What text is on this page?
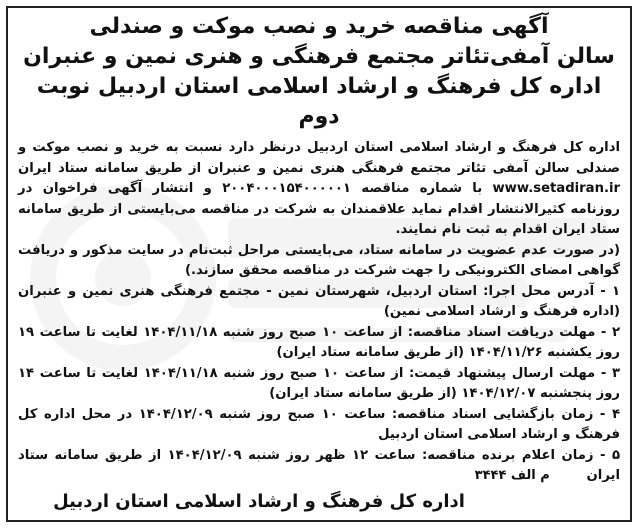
آگهی مناقصه خرید و نصب موکت و صندلی

سالن آمفی‌تئاتر مجتمع فرهنگی و هنری نمین و عنبران

اداره کل فرهنگ و ارشاد اسلامی استان اردبیل نوبت دوم

اداره کل فرهنگ و ارشاد اسلامی استان اردبیل درنظر دارد نسبت به خرید و نصب موکت و صندلی سالن آمفی تئاتر مجتمع فرهنگی هنری نمین و عنبران از طریق سامانه ستاد ایران www.setadiran.ir با شماره مناقصه ۲۰۰۴۰۰۰۱۵۴۰۰۰۰۰۱ و انتشار آگهی فراخوان در روزنامه کثیرالانتشار اقدام نماید علاقمندان به شرکت در مناقصه می‌بایستی از طریق سامانه ستاد ایران اقدام به ثبت نام نمایند.

(در صورت عدم عضویت در سامانه ستاد، می‌بایستی مراحل ثبت‌نام در سایت مذکور و دریافت گواهی امضای الکترونیکی را جهت شرکت در مناقصه محقق سازند.)

۱ - آدرس محل اجرا: استان اردبیل، شهرستان نمین - مجتمع فرهنگی هنری نمین و عنبران (اداره فرهنگ و ارشاد اسلامی نمین)

۲ - مهلت دریافت اسناد مناقصه: از ساعت ۱۰ صبح روز شنبه ۱۴۰۴/۱۱/۱۸ لغایت تا ساعت ۱۹ روز یکشنبه ۱۴۰۴/۱۱/۲۶ (از طریق سامانه ستاد ایران)

۳ - مهلت ارسال پیشنهاد قیمت: از ساعت ۱۰ صبح روز شنبه ۱۴۰۴/۱۱/۱۸ لغایت تا ساعت ۱۴ روز پنجشنبه ۱۴۰۴/۱۲/۰۷ (از طریق سامانه ستاد ایران)

۴ - زمان بازگشایی اسناد مناقصه: ساعت ۱۰ صبح روز شنبه ۱۴۰۴/۱۲/۰۹ در محل اداره کل فرهنگ و ارشاد اسلامی استان اردبیل

۵ - زمان اعلام برنده مناقصه: ساعت ۱۲ ظهر روز شنبه ۱۴۰۴/۱۲/۰۹ از طریق سامانه ستاد ایران        م الف ۳۴۴۴

اداره کل فرهنگ و ارشاد اسلامی استان اردبیل
